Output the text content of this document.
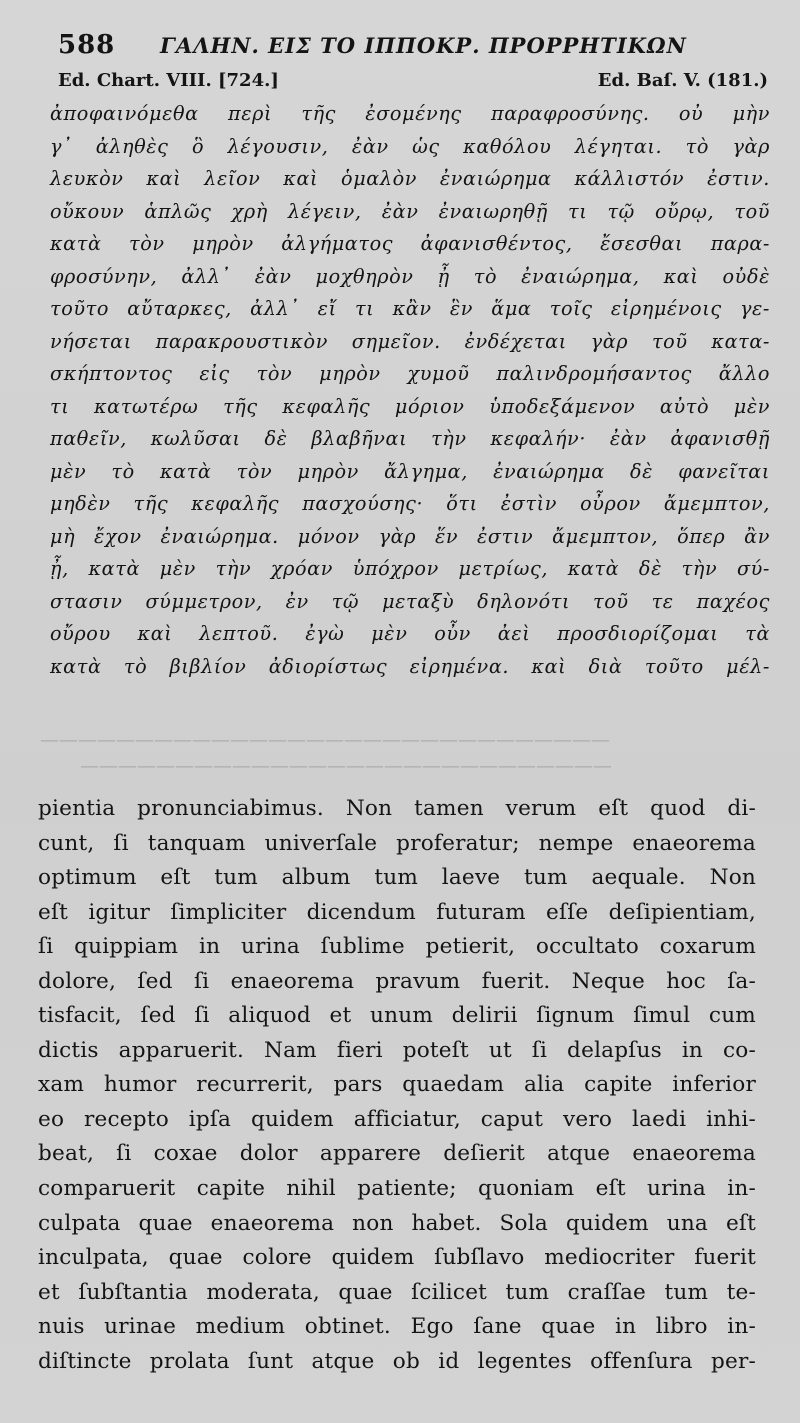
588 ΓΑΛΗΝ. ΕΙΣ ΤΟ ΙΠΠΟΚΡ. ΠΡΟΡΡΗΤΙΚΩΝ
Ed. Chart. VIII. [724.]	Ed. Baſ. V. (181.)
ἀποφαινόμεθα περὶ τῆς ἐσομένης παραφροσύνης. οὐ μὴν
γ᾽ ἀληθὲς ὃ λέγουσιν, ἐὰν ὡς καθόλου λέγηται. τὸ γὰρ
λευκὸν καὶ λεῖον καὶ ὁμαλὸν ἐναιώρημα κάλλιστόν ἐστιν.
οὔκουν ἁπλῶς χρὴ λέγειν, ἐὰν ἐναιωρηθῇ τι τῷ οὔρῳ, τοῦ
κατὰ τὸν μηρὸν ἀλγήματος ἀφανισθέντος, ἔσεσθαι παρα-
φροσύνην, ἀλλ᾽ ἐὰν μοχθηρὸν ᾖ τὸ ἐναιώρημα, καὶ οὐδὲ
τοῦτο αὔταρκες, ἀλλ᾽ εἴ τι κἂν ἓν ἅμα τοῖς εἰρημένοις γε-
νήσεται παρακρουστικὸν σημεῖον. ἐνδέχεται γὰρ τοῦ κατα-
σκήπτοντος εἰς τὸν μηρὸν χυμοῦ παλινδρομήσαντος ἄλλο
τι κατωτέρω τῆς κεφαλῆς μόριον ὑποδεξάμενον αὐτὸ μὲν
παθεῖν, κωλῦσαι δὲ βλαβῆναι τὴν κεφαλήν· ἐὰν ἀφανισθῇ
μὲν τὸ κατὰ τὸν μηρὸν ἄλγημα, ἐναιώρημα δὲ φανεῖται
μηδὲν τῆς κεφαλῆς πασχούσης· ὅτι ἐστὶν οὖρον ἄμεμπτον,
μὴ ἔχον ἐναιώρημα. μόνον γὰρ ἕν ἐστιν ἄμεμπτον, ὅπερ ἂν
ᾖ, κατὰ μὲν τὴν χρόαν ὑπόχρον μετρίως, κατὰ δὲ τὴν σύ-
στασιν σύμμετρον, ἐν τῷ μεταξὺ δηλονότι τοῦ τε παχέος
οὔρου καὶ λεπτοῦ. ἐγὼ μὲν οὖν ἀεὶ προσδιορίζομαι τὰ
κατὰ τὸ βιβλίον ἀδιορίστως εἰρημένα. καὶ διὰ τοῦτο μέλ-
——————————————————————————————
————————————————————————————
pientia pronunciabimus. Non tamen verum eſt quod di-
cunt, ſi tanquam univerſale proferatur; nempe enaeorema
optimum eſt tum album tum laeve tum aequale. Non
eſt igitur ſimpliciter dicendum futuram eſſe deſipientiam,
ſi quippiam in urina ſublime petierit, occultato coxarum
dolore, ſed ſi enaeorema pravum fuerit. Neque hoc ſa-
tisfacit, ſed ſi aliquod et unum delirii ſignum ſimul cum
dictis apparuerit. Nam fieri poteſt ut ſi delapſus in co-
xam humor recurrerit, pars quaedam alia capite inferior
eo recepto ipſa quidem afficiatur, caput vero laedi inhi-
beat, ſi coxae dolor apparere deſierit atque enaeorema
comparuerit capite nihil patiente; quoniam eſt urina in-
culpata quae enaeorema non habet. Sola quidem una eſt
inculpata, quae colore quidem ſubſlavo mediocriter fuerit
et ſubſtantia moderata, quae ſcilicet tum craſſae tum te-
nuis urinae medium obtinet. Ego ſane quae in libro in-
diſtincte prolata ſunt atque ob id legentes offenſura per-
